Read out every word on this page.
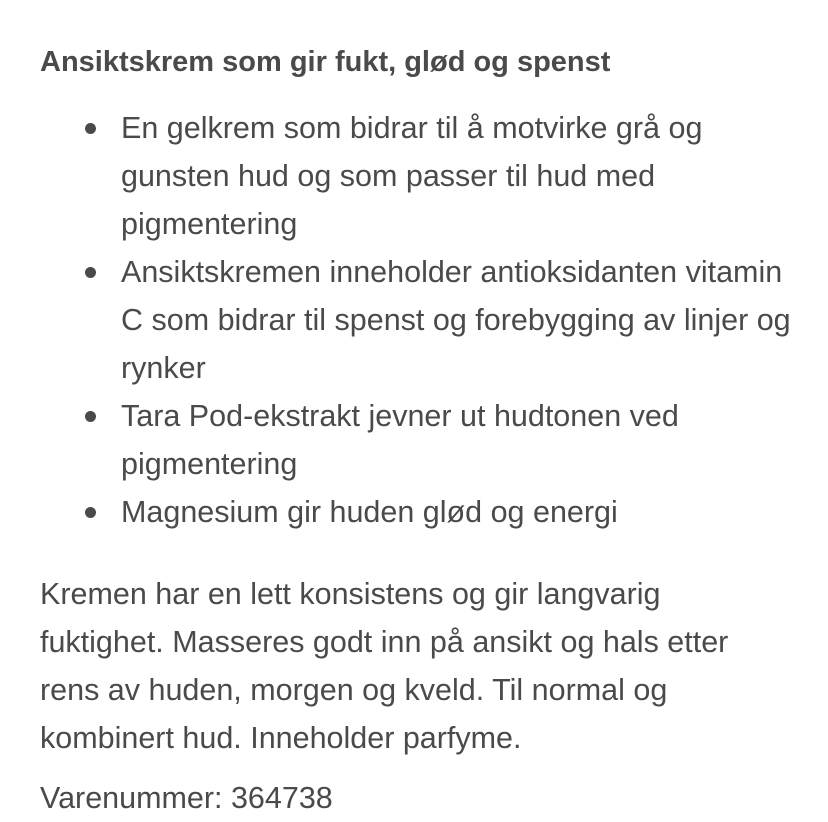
Ansiktskrem som gir fukt, glød og spenst
En gelkrem som bidrar til å motvirke grå og gunsten hud og som passer til hud med pigmentering
Ansiktskremen inneholder antioksidanten vitamin C som bidrar til spenst og forebygging av linjer og rynker
Tara Pod-ekstrakt jevner ut hudtonen ved pigmentering
Magnesium gir huden glød og energi

Kremen har en lett konsistens og gir langvarig fuktighet. Masseres godt inn på ansikt og hals etter rens av huden, morgen og kveld. Til normal og kombinert hud. Inneholder parfyme.

Varenummer: 364738
